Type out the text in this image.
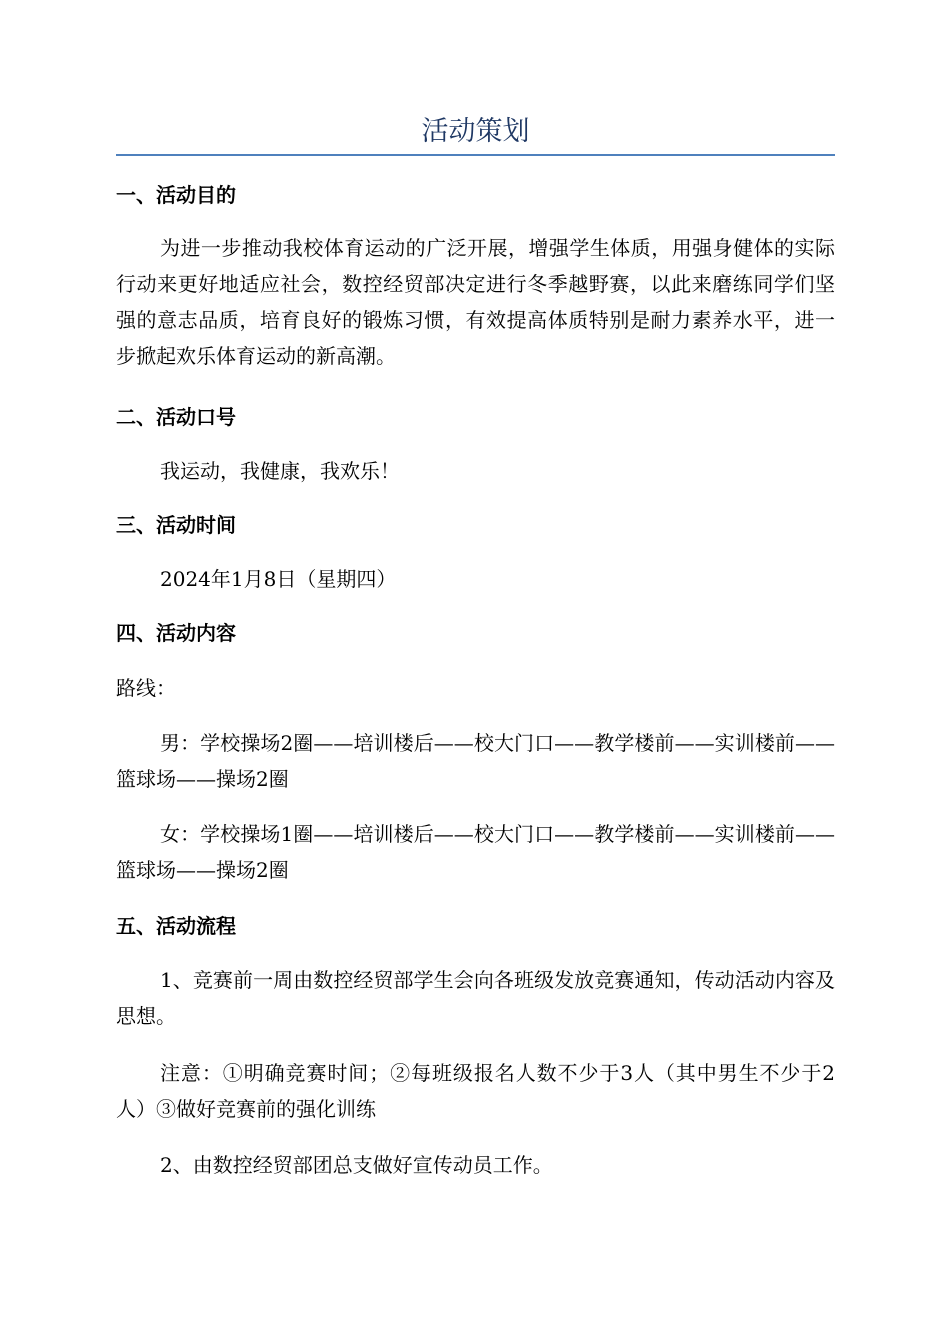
活动策划
一、活动目的
为进一步推动我校体育运动的广泛开展，增强学生体质，用强身健体的实际行动来更好地适应社会，数控经贸部决定进行冬季越野赛，以此来磨练同学们坚强的意志品质，培育良好的锻炼习惯，有效提高体质特别是耐力素养水平，进一步掀起欢乐体育运动的新高潮。
二、活动口号
我运动，我健康，我欢乐！
三、活动时间
2024年1月8日（星期四）
四、活动内容
路线：
男：学校操场2圈——培训楼后——校大门口——教学楼前——实训楼前——篮球场——操场2圈
女：学校操场1圈——培训楼后——校大门口——教学楼前——实训楼前——篮球场——操场2圈
五、活动流程
1、竞赛前一周由数控经贸部学生会向各班级发放竞赛通知，传动活动内容及思想。
注意：①明确竞赛时间；②每班级报名人数不少于3人（其中男生不少于2人）③做好竞赛前的强化训练
2、由数控经贸部团总支做好宣传动员工作。
